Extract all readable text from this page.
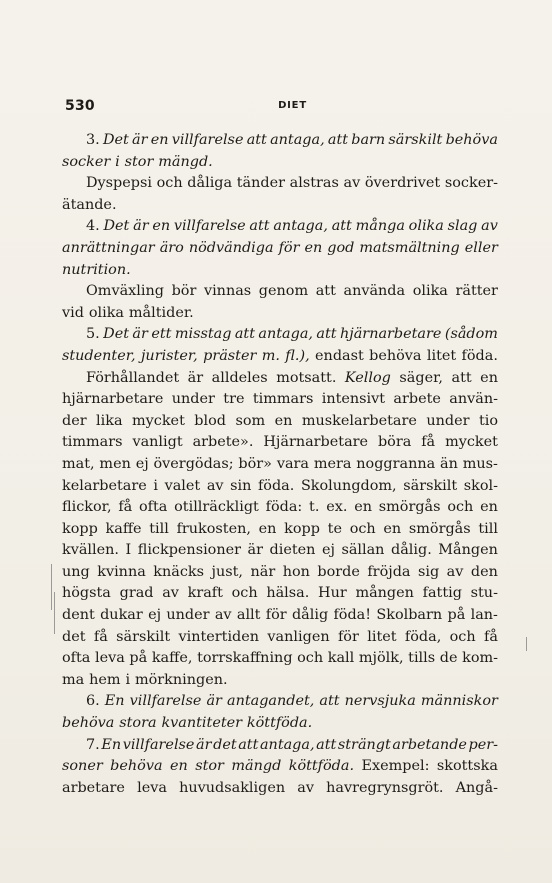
530	DIET
3. Det är en villfarelse att antaga, att barn särskilt behöva
socker i stor mängd.
Dyspepsi och dåliga tänder alstras av överdrivet socker-
ätande.
4. Det är en villfarelse att antaga, att många olika slag av
anrättningar äro nödvändiga för en god matsmältning eller
nutrition.
Omväxling bör vinnas genom att använda olika rätter
vid olika måltider.
5. Det är ett misstag att antaga, att hjärnarbetare (sådom
studenter, jurister, präster m. fl.), endast behöva litet föda.
Förhållandet är alldeles motsatt. Kellog säger, att en
hjärnarbetare under tre timmars intensivt arbete använ-
der lika mycket blod som en muskelarbetare under tio
timmars vanligt arbete». Hjärnarbetare böra få mycket
mat, men ej övergödas; bör» vara mera noggranna än mus-
kelarbetare i valet av sin föda. Skolungdom, särskilt skol-
flickor, få ofta otillräckligt föda: t. ex. en smörgås och en
kopp kaffe till frukosten, en kopp te och en smörgås till
kvällen. I flickpensioner är dieten ej sällan dålig. Mången
ung kvinna knäcks just, när hon borde fröjda sig av den
högsta grad av kraft och hälsa. Hur mången fattig stu-
dent dukar ej under av allt för dålig föda! Skolbarn på lan-
det få särskilt vintertiden vanligen för litet föda, och få
ofta leva på kaffe, torrskaffning och kall mjölk, tills de kom-
ma hem i mörkningen.
6. En villfarelse är antagandet, att nervsjuka människor
behöva stora kvantiteter köttföda.
7. En villfarelse är det att antaga, att strängt arbetande per-
soner behöva en stor mängd köttföda. Exempel: skottska
arbetare leva huvudsakligen av havregrynsgröt. Angå-
